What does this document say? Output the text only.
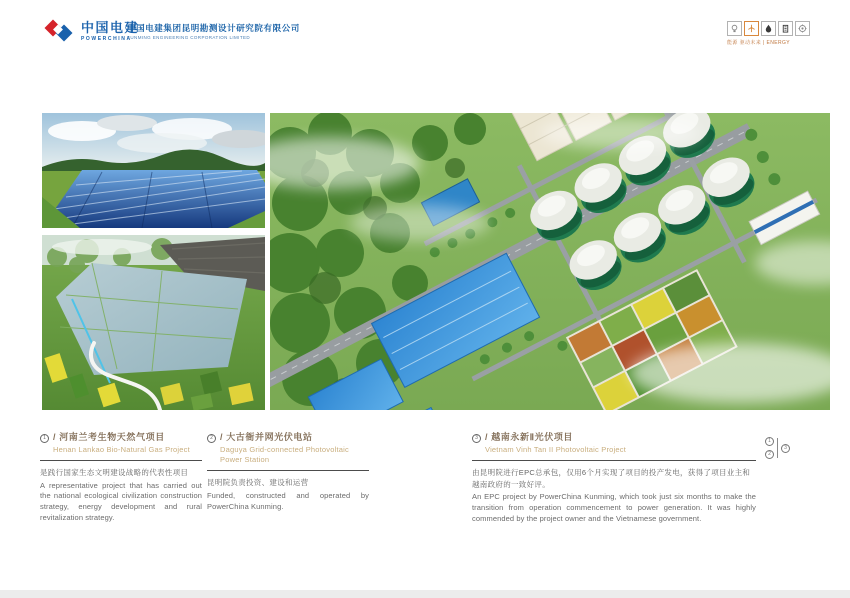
中国电建
POWERCHINA
中国电建集团昆明勘测设计研究院有限公司
KUNMING ENGINEERING CORPORATION LIMITED
能源 驱动未来 | ENERGY
1 / 河南兰考生物天然气项目
Henan Lankao Bio-Natural Gas Project
是践行国家生态文明建设战略的代表性项目
A representative project that has carried out the national ecological civilization construction strategy, energy development and rural revitalization strategy.
2 / 大古衙并网光伏电站
Daguya Grid-connected Photovoltaic Power Station
昆明院负责投资、建设和运营
Funded, constructed and operated by PowerChina Kunming.
3 / 越南永新Ⅱ光伏项目
Vietnam Vinh Tan II Photovoltaic Project
由昆明院进行EPC总承包，仅用6个月实现了项目的投产发电，获得了项目业主和越南政府的一致好评。
An EPC project by PowerChina Kunming, which took just six months to make the transition from operation commencement to power generation. It was highly commended by the project owner and the Vietnamese government.
1
2
3
